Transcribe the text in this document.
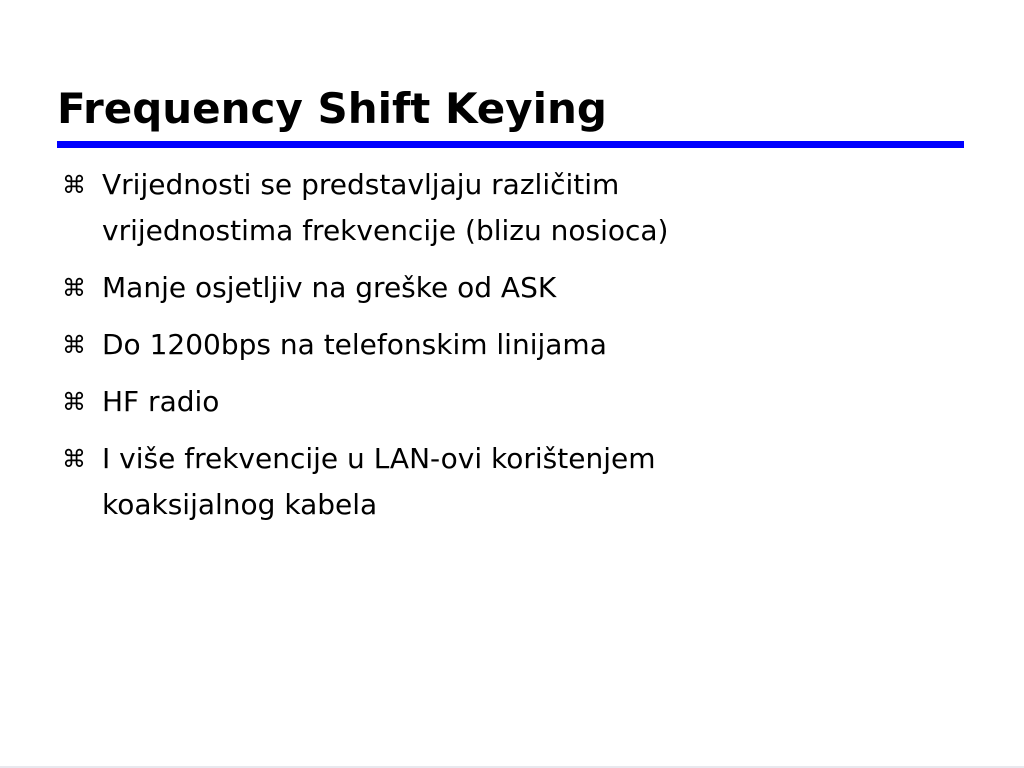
Frequency Shift Keying
⌘ Vrijednosti se predstavljaju različitim
vrijednostima frekvencije (blizu nosioca)
⌘ Manje osjetljiv na greške od ASK
⌘ Do 1200bps na telefonskim linijama
⌘ HF radio
⌘ I više frekvencije u LAN-ovi korištenjem
koaksijalnog kabela
